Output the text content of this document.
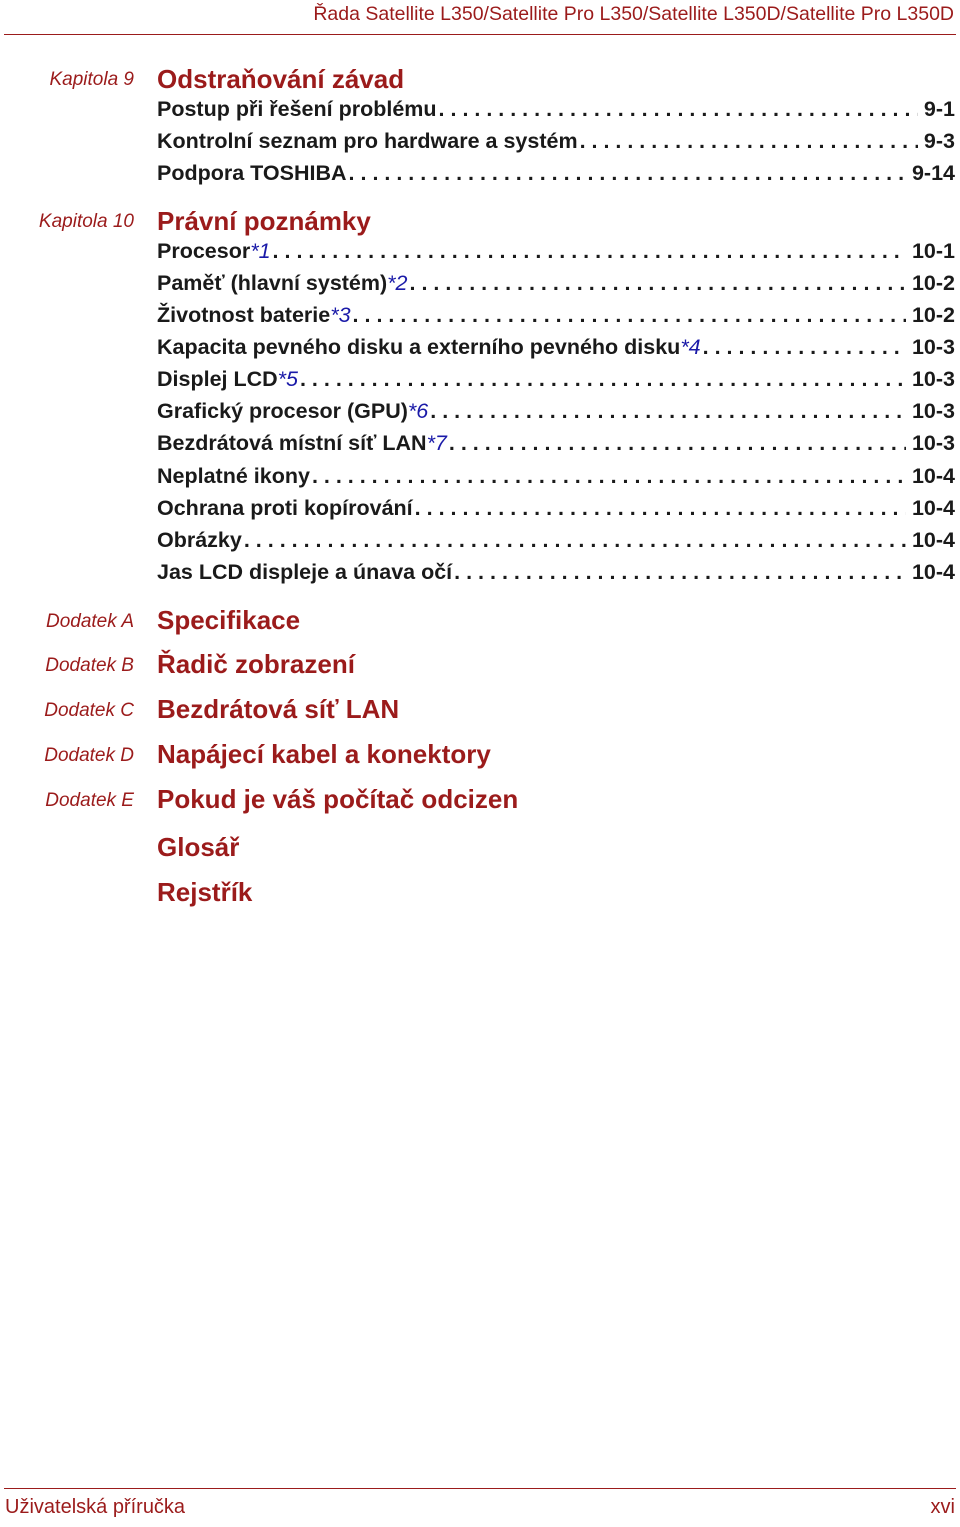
Řada Satellite L350/Satellite Pro L350/Satellite L350D/Satellite Pro L350D
Kapitola 9 Odstraňování závad
Postup při řešení problému . . .	9-1
Kontrolní seznam pro hardware a systém . . .	9-3
Podpora TOSHIBA . . .	9-14
Kapitola 10 Právní poznámky
Procesor *1 . . .	10-1
Paměť (hlavní systém) *2 . . .	10-2
Životnost baterie *3 . . .	10-2
Kapacita pevného disku a externího pevného disku *4 . . .	10-3
Displej LCD *5 . . .	10-3
Grafický procesor (GPU) *6 . . .	10-3
Bezdrátová místní síť LAN *7 . . .	10-3
Neplatné ikony . . .	10-4
Ochrana proti kopírování . . .	10-4
Obrázky . . .	10-4
Jas LCD displeje a únava očí . . .	10-4
Dodatek A Specifikace
Dodatek B Řadič zobrazení
Dodatek C Bezdrátová síť LAN
Dodatek D Napájecí kabel a konektory
Dodatek E Pokud je váš počítač odcizen
Glosář
Rejstřík
Uživatelská příručka	xvi
